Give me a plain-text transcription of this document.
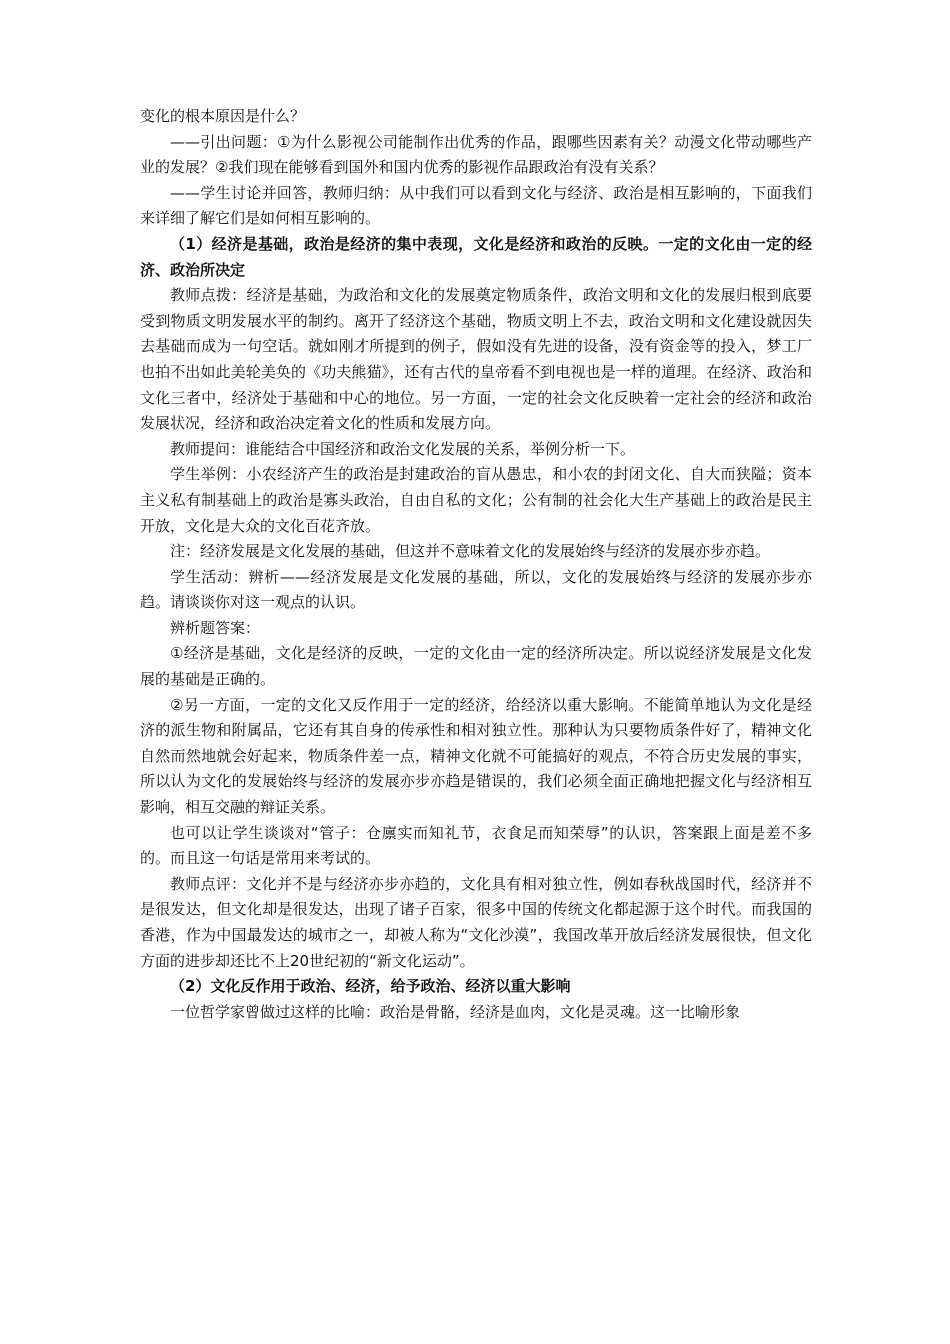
变化的根本原因是什么？

——引出问题：①为什么影视公司能制作出优秀的作品，跟哪些因素有关？动漫文化带动哪些产业的发展？②我们现在能够看到国外和国内优秀的影视作品跟政治有没有关系？

——学生讨论并回答，教师归纳：从中我们可以看到文化与经济、政治是相互影响的，下面我们来详细了解它们是如何相互影响的。

（1）经济是基础，政治是经济的集中表现，文化是经济和政治的反映。一定的文化由一定的经济、政治所决定

教师点拨：经济是基础，为政治和文化的发展奠定物质条件，政治文明和文化的发展归根到底要受到物质文明发展水平的制约。离开了经济这个基础，物质文明上不去，政治文明和文化建设就因失去基础而成为一句空话。就如刚才所提到的例子，假如没有先进的设备，没有资金等的投入，梦工厂也拍不出如此美轮美奂的《功夫熊猫》，还有古代的皇帝看不到电视也是一样的道理。在经济、政治和文化三者中，经济处于基础和中心的地位。另一方面，一定的社会文化反映着一定社会的经济和政治发展状况，经济和政治决定着文化的性质和发展方向。

教师提问：谁能结合中国经济和政治文化发展的关系，举例分析一下。

学生举例：小农经济产生的政治是封建政治的盲从愚忠，和小农的封闭文化、自大而狭隘；资本主义私有制基础上的政治是寡头政治，自由自私的文化；公有制的社会化大生产基础上的政治是民主开放，文化是大众的文化百花齐放。

注：经济发展是文化发展的基础，但这并不意味着文化的发展始终与经济的发展亦步亦趋。

学生活动：辨析——经济发展是文化发展的基础，所以，文化的发展始终与经济的发展亦步亦趋。请谈谈你对这一观点的认识。

辨析题答案：

①经济是基础，文化是经济的反映，一定的文化由一定的经济所决定。所以说经济发展是文化发展的基础是正确的。

②另一方面，一定的文化又反作用于一定的经济，给经济以重大影响。不能简单地认为文化是经济的派生物和附属品，它还有其自身的传承性和相对独立性。那种认为只要物质条件好了，精神文化自然而然地就会好起来，物质条件差一点，精神文化就不可能搞好的观点，不符合历史发展的事实，所以认为文化的发展始终与经济的发展亦步亦趋是错误的，我们必须全面正确地把握文化与经济相互影响，相互交融的辩证关系。

也可以让学生谈谈对“管子：仓廪实而知礼节，衣食足而知荣辱”的认识，答案跟上面是差不多的。而且这一句话是常用来考试的。

教师点评：文化并不是与经济亦步亦趋的，文化具有相对独立性，例如春秋战国时代，经济并不是很发达，但文化却是很发达，出现了诸子百家，很多中国的传统文化都起源于这个时代。而我国的香港，作为中国最发达的城市之一，却被人称为“文化沙漠”，我国改革开放后经济发展很快，但文化方面的进步却还比不上20世纪初的“新文化运动”。

（2）文化反作用于政治、经济，给予政治、经济以重大影响

一位哲学家曾做过这样的比喻：政治是骨骼，经济是血肉，文化是灵魂。这一比喻形象
